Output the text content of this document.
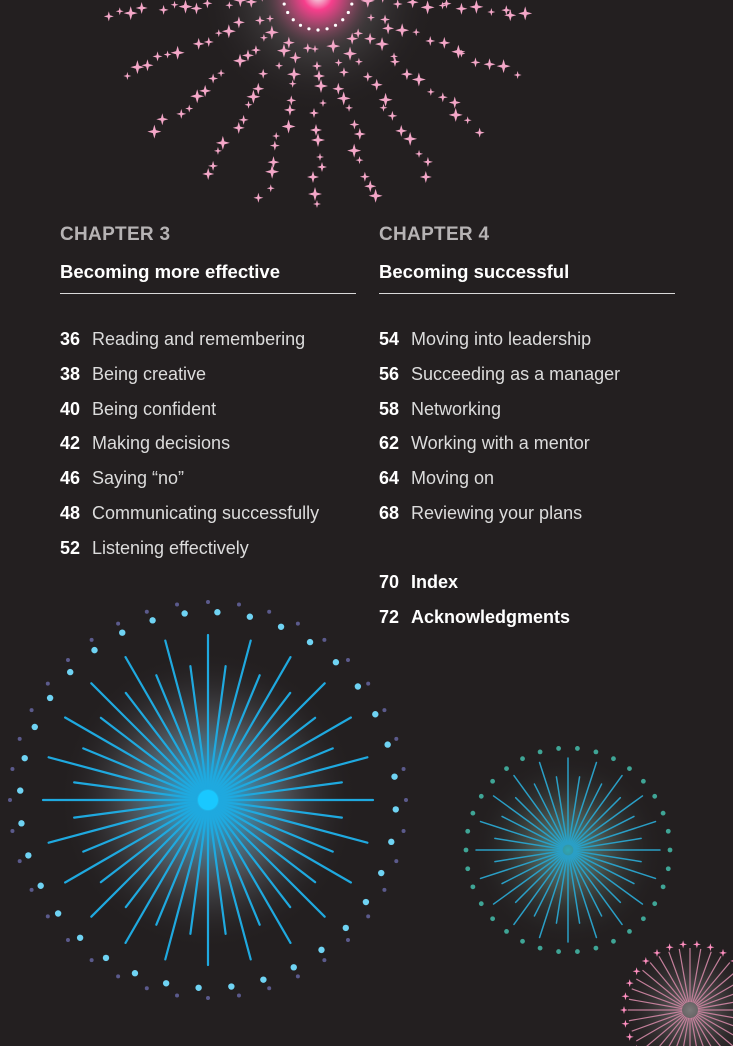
CHAPTER 3
Becoming more effective
36 Reading and remembering
38 Being creative
40 Being confident
42 Making decisions
46 Saying “no”
48 Communicating successfully
52 Listening effectively
CHAPTER 4
Becoming successful
54 Moving into leadership
56 Succeeding as a manager
58 Networking
62 Working with a mentor
64 Moving on
68 Reviewing your plans
70 Index
72 Acknowledgments
